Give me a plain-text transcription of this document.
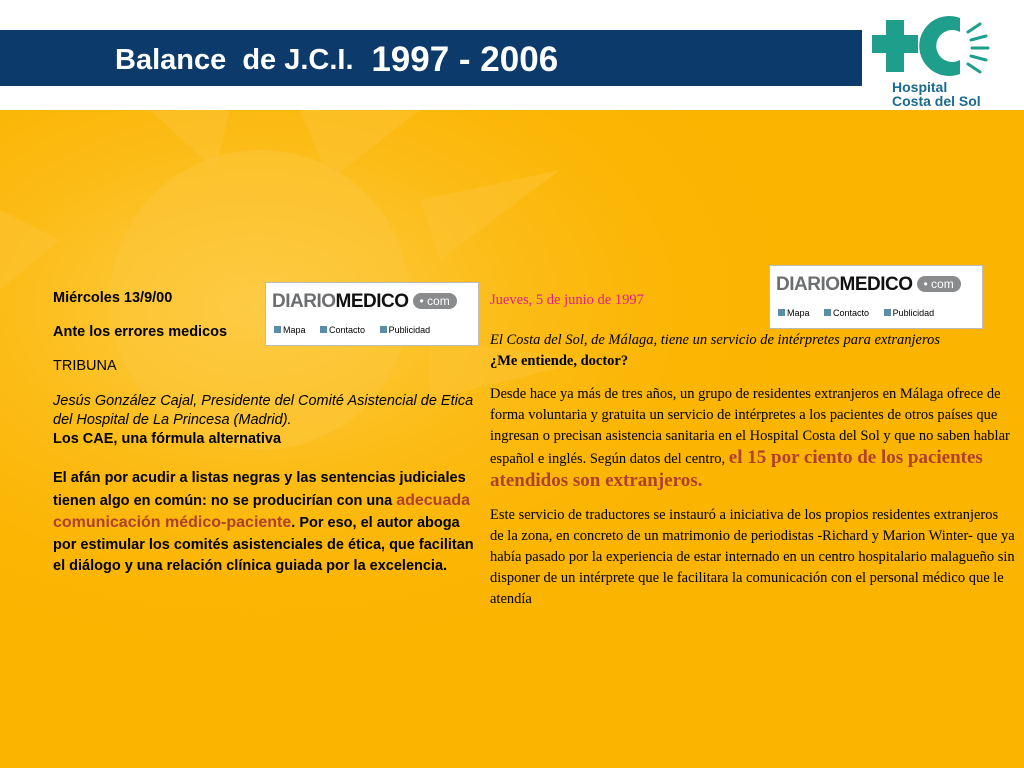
Balance  de J.C.I.  1997 - 2006
Hospital
Costa del Sol
DIARIOMEDICO • com
Mapa	Contacto	Publicidad
DIARIOMEDICO • com
Mapa	Contacto	Publicidad
Miércoles 13/9/00
Ante los errores medicos
TRIBUNA
Jesús González Cajal, Presidente del Comité Asistencial de Etica del Hospital de La Princesa (Madrid).
Los CAE, una fórmula alternativa
El afán por acudir a listas negras y las sentencias judiciales tienen algo en común: no se producirían con una adecuada comunicación médico-paciente. Por eso, el autor aboga por estimular los comités asistenciales de ética, que facilitan el diálogo y una relación clínica guiada por la excelencia.
Jueves, 5 de junio de 1997
El Costa del Sol, de Málaga, tiene un servicio de intérpretes para extranjeros
¿Me entiende, doctor?
Desde hace ya más de tres años, un grupo de residentes extranjeros en Málaga ofrece de forma voluntaria y gratuita un servicio de intérpretes a los pacientes de otros países que ingresan o precisan asistencia sanitaria en el Hospital Costa del Sol y que no saben hablar español e inglés. Según datos del centro, el 15 por ciento de los pacientes atendidos son extranjeros.
Este servicio de traductores se instauró a iniciativa de los propios residentes extranjeros de la zona, en concreto de un matrimonio de periodistas -Richard y Marion Winter- que ya había pasado por la experiencia de estar internado en un centro hospitalario malagueño sin disponer de un intérprete que le facilitara la comunicación con el personal médico que le atendía
